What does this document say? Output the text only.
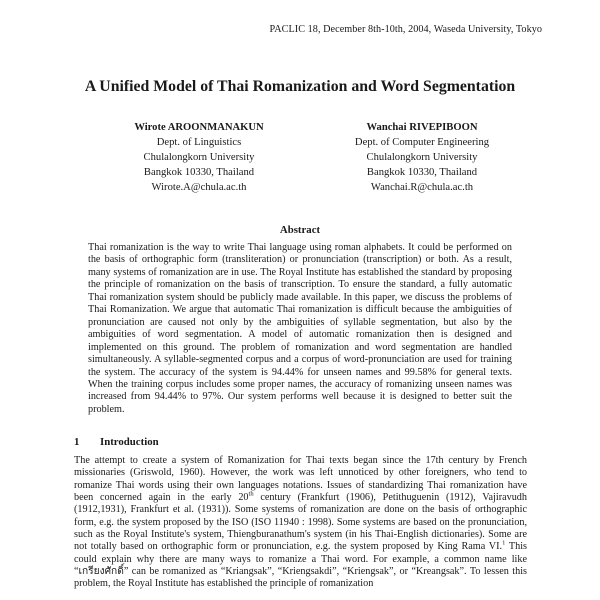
PACLIC 18, December 8th-10th, 2004, Waseda University, Tokyo
A Unified Model of Thai Romanization and Word Segmentation
Wirote AROONMANAKUN
Dept. of Linguistics
Chulalongkorn University
Bangkok 10330, Thailand
Wirote.A@chula.ac.th
Wanchai RIVEPIBOON
Dept. of Computer Engineering
Chulalongkorn University
Bangkok 10330, Thailand
Wanchai.R@chula.ac.th
Abstract
Thai romanization is the way to write Thai language using roman alphabets. It could be performed on the basis of orthographic form (transliteration) or pronunciation (transcription) or both. As a result, many systems of romanization are in use. The Royal Institute has established the standard by proposing the principle of romanization on the basis of transcription. To ensure the standard, a fully automatic Thai romanization system should be publicly made available. In this paper, we discuss the problems of Thai Romanization. We argue that automatic Thai romanization is difficult because the ambiguities of pronunciation are caused not only by the ambiguities of syllable segmentation, but also by the ambiguities of word segmentation. A model of automatic romanization then is designed and implemented on this ground. The problem of romanization and word segmentation are handled simultaneously. A syllable-segmented corpus and a corpus of word-pronunciation are used for training the system. The accuracy of the system is 94.44% for unseen names and 99.58% for general texts. When the training corpus includes some proper names, the accuracy of romanizing unseen names was increased from 94.44% to 97%. Our system performs well because it is designed to better suit the problem.
1 Introduction
The attempt to create a system of Romanization for Thai texts began since the 17th century by French missionaries (Griswold, 1960). However, the work was left unnoticed by other foreigners, who tend to romanize Thai words using their own languages notations. Issues of standardizing Thai romanization have been concerned again in the early 20th century (Frankfurt (1906), Petithuguenin (1912), Vajiravudh (1912,1931), Frankfurt et al. (1931)). Some systems of romanization are done on the basis of orthographic form, e.g. the system proposed by the ISO (ISO 11940 : 1998). Some systems are based on the pronunciation, such as the Royal Institute's system, Thiengburanathum's system (in his Thai-English dictionaries). Some are not totally based on orthographic form or pronunciation, e.g. the system proposed by King Rama VI.$^1$ This could explain why there are many ways to romanize a Thai word. For example, a common name like “เกรียงศักดิ์” can be romanized as “Kriangsak”, “Kriengsakdi”, “Kriengsak”, or “Kreangsak”. To lessen this problem, the Royal Institute has established the principle of romanization
